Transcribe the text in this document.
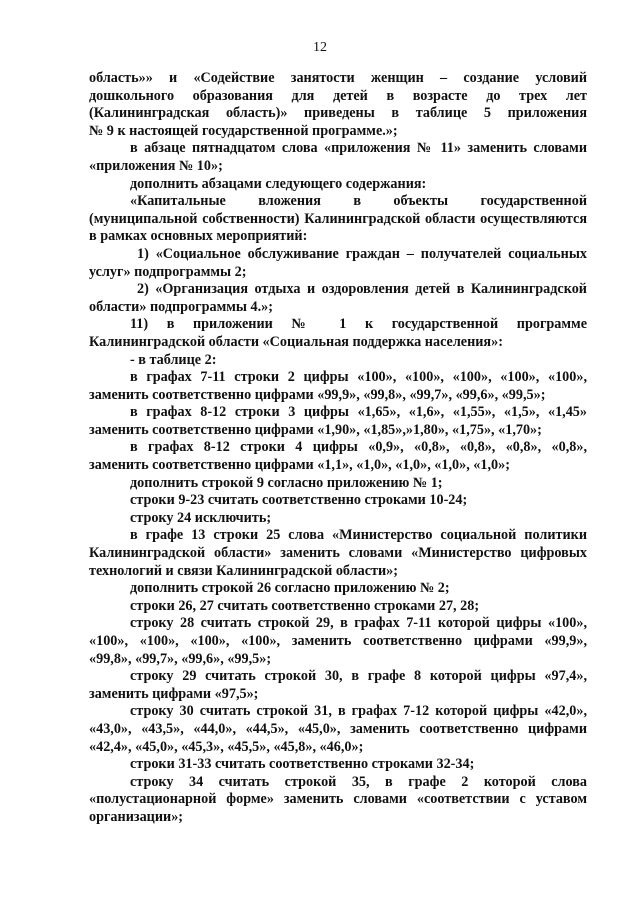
12
область»» и «Содействие занятости женщин – создание условий
дошкольного образования для детей в возрасте до трех лет
(Калининградская область)» приведены в таблице 5 приложения
№ 9 к настоящей государственной программе.»;
в абзаце пятнадцатом слова «приложения № 11» заменить словами
«приложения № 10»;
дополнить абзацами следующего содержания:
«Капитальные вложения в объекты государственной
(муниципальной собственности) Калининградской области осуществляются
в рамках основных мероприятий:
1) «Социальное обслуживание граждан – получателей социальных
услуг» подпрограммы 2;
2) «Организация отдыха и оздоровления детей в Калининградской
области» подпрограммы 4.»;
11) в приложении № 1 к государственной программе
Калининградской области «Социальная поддержка населения»:
- в таблице 2:
в графах 7-11 строки 2 цифры «100», «100», «100», «100», «100»,
заменить соответственно цифрами «99,9», «99,8», «99,7», «99,6», «99,5»;
в графах 8-12 строки 3 цифры «1,65», «1,6», «1,55», «1,5», «1,45»
заменить соответственно цифрами «1,90», «1,85»,»1,80», «1,75», «1,70»;
в графах 8-12 строки 4 цифры «0,9», «0,8», «0,8», «0,8», «0,8»,
заменить соответственно цифрами «1,1», «1,0», «1,0», «1,0», «1,0»;
дополнить строкой 9 согласно приложению № 1;
строки 9-23 считать соответственно строками 10-24;
строку 24 исключить;
в графе 13 строки 25 слова «Министерство социальной политики
Калининградской области» заменить словами «Министерство цифровых
технологий и связи Калининградской области»;
дополнить строкой 26 согласно приложению № 2;
строки 26, 27 считать соответственно строками 27, 28;
строку 28 считать строкой 29, в графах 7-11 которой цифры «100»,
«100», «100», «100», «100», заменить соответственно цифрами «99,9»,
«99,8», «99,7», «99,6», «99,5»;
строку 29 считать строкой 30, в графе 8 которой цифры «97,4»,
заменить цифрами «97,5»;
строку 30 считать строкой 31, в графах 7-12 которой цифры «42,0»,
«43,0», «43,5», «44,0», «44,5», «45,0», заменить соответственно цифрами
«42,4», «45,0», «45,3», «45,5», «45,8», «46,0»;
строки 31-33 считать соответственно строками 32-34;
строку 34 считать строкой 35, в графе 2 которой слова
«полустационарной форме» заменить словами «соответствии с уставом
организации»;
